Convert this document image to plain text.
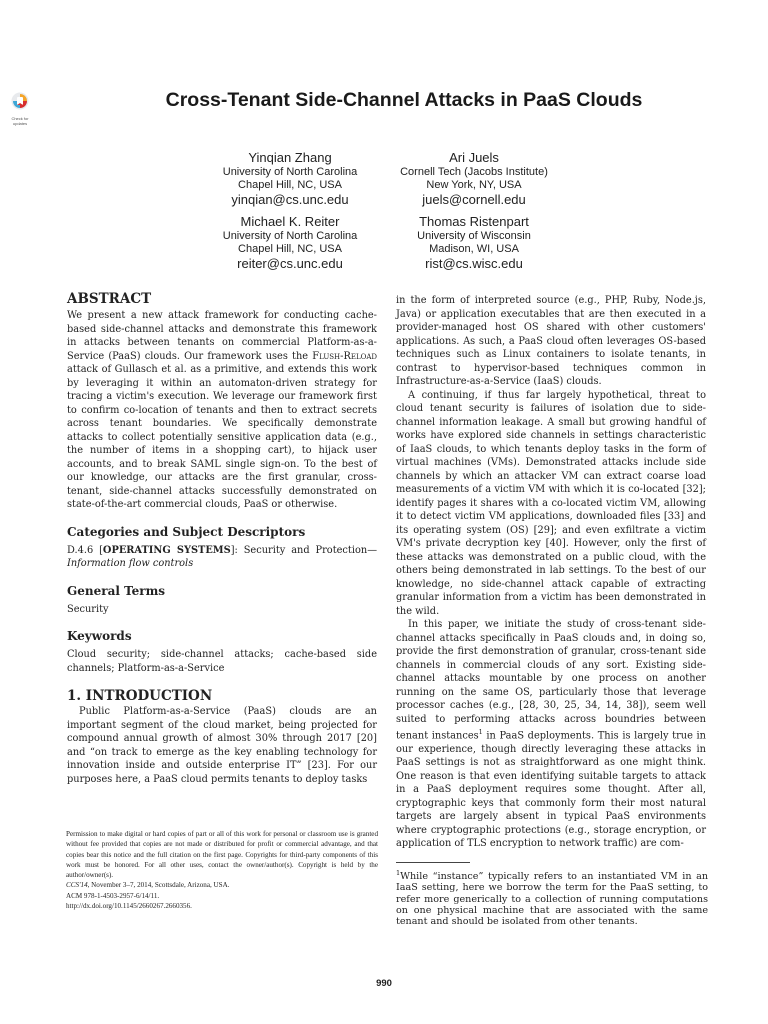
Check for updates
Cross-Tenant Side-Channel Attacks in PaaS Clouds
Yinqian Zhang
University of North Carolina
Chapel Hill, NC, USA
yinqian@cs.unc.edu
Ari Juels
Cornell Tech (Jacobs Institute)
New York, NY, USA
juels@cornell.edu
Michael K. Reiter
University of North Carolina
Chapel Hill, NC, USA
reiter@cs.unc.edu
Thomas Ristenpart
University of Wisconsin
Madison, WI, USA
rist@cs.wisc.edu
ABSTRACT

We present a new attack framework for conducting cache-based side-channel attacks and demonstrate this framework in attacks between tenants on commercial Platform-as-a-Service (PaaS) clouds. Our framework uses the Flush-Reload attack of Gullasch et al. as a primitive, and extends this work by leveraging it within an automaton-driven strategy for tracing a victim's execution. We leverage our framework first to confirm co-location of tenants and then to extract secrets across tenant boundaries. We specifically demonstrate attacks to collect potentially sensitive application data (e.g., the number of items in a shopping cart), to hijack user accounts, and to break SAML single sign-on. To the best of our knowledge, our attacks are the first granular, cross-tenant, side-channel attacks successfully demonstrated on state-of-the-art commercial clouds, PaaS or otherwise.

Categories and Subject Descriptors

D.4.6 [OPERATING SYSTEMS]: Security and Protection—Information flow controls

General Terms

Security

Keywords

Cloud security; side-channel attacks; cache-based side channels; Platform-as-a-Service

1. INTRODUCTION

Public Platform-as-a-Service (PaaS) clouds are an important segment of the cloud market, being projected for compound annual growth of almost 30% through 2017 [20] and “on track to emerge as the key enabling technology for innovation inside and outside enterprise IT” [23]. For our purposes here, a PaaS cloud permits tenants to deploy tasks

Permission to make digital or hard copies of part or all of this work for personal or classroom use is granted without fee provided that copies are not made or distributed for profit or commercial advantage, and that copies bear this notice and the full citation on the first page. Copyrights for third-party components of this work must be honored. For all other uses, contact the owner/author(s). Copyright is held by the author/owner(s).

CCS'14, November 3–7, 2014, Scottsdale, Arizona, USA.

ACM 978-1-4503-2957-6/14/11.

http://dx.doi.org/10.1145/2660267.2660356.

in the form of interpreted source (e.g., PHP, Ruby, Node.js, Java) or application executables that are then executed in a provider-managed host OS shared with other customers' applications. As such, a PaaS cloud often leverages OS-based techniques such as Linux containers to isolate tenants, in contrast to hypervisor-based techniques common in Infrastructure-as-a-Service (IaaS) clouds.

A continuing, if thus far largely hypothetical, threat to cloud tenant security is failures of isolation due to side-channel information leakage. A small but growing handful of works have explored side channels in settings characteristic of IaaS clouds, to which tenants deploy tasks in the form of virtual machines (VMs). Demonstrated attacks include side channels by which an attacker VM can extract coarse load measurements of a victim VM with which it is co-located [32]; identify pages it shares with a co-located victim VM, allowing it to detect victim VM applications, downloaded files [33] and its operating system (OS) [29]; and even exfiltrate a victim VM's private decryption key [40]. However, only the first of these attacks was demonstrated on a public cloud, with the others being demonstrated in lab settings. To the best of our knowledge, no side-channel attack capable of extracting granular information from a victim has been demonstrated in the wild.

In this paper, we initiate the study of cross-tenant side-channel attacks specifically in PaaS clouds and, in doing so, provide the first demonstration of granular, cross-tenant side channels in commercial clouds of any sort. Existing side-channel attacks mountable by one process on another running on the same OS, particularly those that leverage processor caches (e.g., [28, 30, 25, 34, 14, 38]), seem well suited to performing attacks across boundries between tenant instances$^1$ in PaaS deployments. This is largely true in our experience, though directly leveraging these attacks in PaaS settings is not as straightforward as one might think. One reason is that even identifying suitable targets to attack in a PaaS deployment requires some thought. After all, cryptographic keys that commonly form their most natural targets are largely absent in typical PaaS environments where cryptographic protections (e.g., storage encryption, or application of TLS encryption to network traffic) are com-

$^1$While “instance” typically refers to an instantiated VM in an IaaS setting, here we borrow the term for the PaaS setting, to refer more generically to a collection of running computations on one physical machine that are associated with the same tenant and should be isolated from other tenants.
990
